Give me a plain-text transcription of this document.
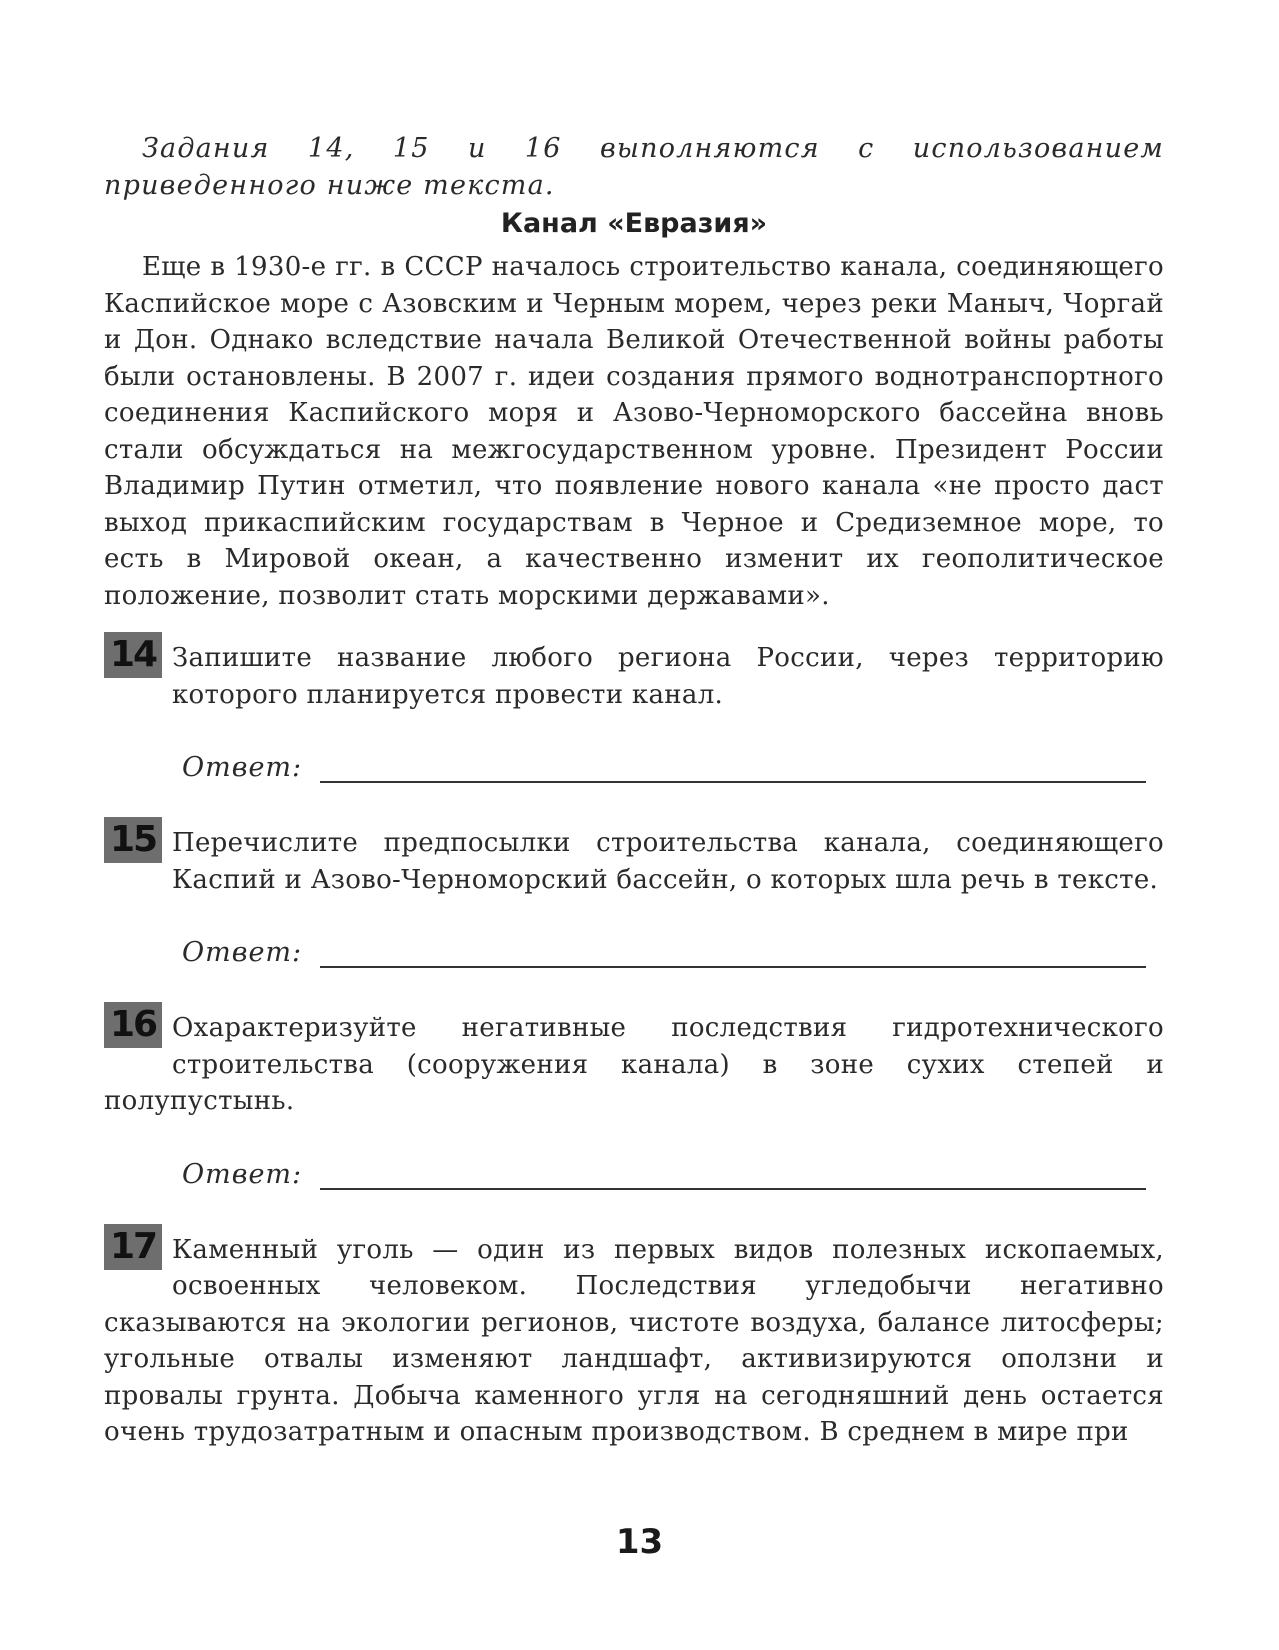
Задания 14, 15 и 16 выполняются с использованием приведенного ниже текста.

Канал «Евразия»

Еще в 1930-е гг. в СССР началось строительство канала, соединяющего Каспийское море с Азовским и Черным морем, через реки Маныч, Чоргай и Дон. Однако вследствие начала Великой Отечественной войны работы были остановлены. В 2007 г. идеи создания прямого воднотранспортного соединения Каспийского моря и Азово-Черноморского бассейна вновь стали обсуждаться на межгосударственном уровне. Президент России Владимир Путин отметил, что появление нового канала «не просто даст выход прикаспийским государствам в Черное и Средиземное море, то есть в Мировой океан, а качественно изменит их геополитическое положение, позволит стать морскими державами».

14 Запишите название любого региона России, через территорию которого планируется провести канал.

Ответ:
15 Перечислите предпосылки строительства канала, соединяющего Каспий и Азово-Черноморский бассейн, о которых шла речь в тексте.

Ответ:
16 Охарактеризуйте негативные последствия гидротехнического строительства (сооружения канала) в зоне сухих степей и полупустынь.

Ответ:
17 Каменный уголь — один из первых видов полезных ископаемых, освоенных человеком. Последствия угледобычи негативно сказываются на экологии регионов, чистоте воздуха, балансе литосферы; угольные отвалы изменяют ландшафт, активизируются оползни и провалы грунта. Добыча каменного угля на сегодняшний день остается очень трудозатратным и опасным производством. В среднем в мире при

13
